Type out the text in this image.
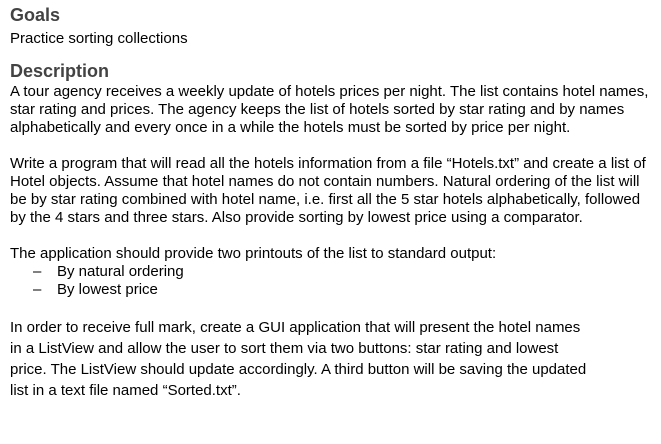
Goals

Practice sorting collections

Description

A tour agency receives a weekly update of hotels prices per night. The list contains hotel names, star rating and prices. The agency keeps the list of hotels sorted by star rating and by names alphabetically and every once in a while the hotels must be sorted by price per night.

Write a program that will read all the hotels information from a file “Hotels.txt” and create a list of Hotel objects. Assume that hotel names do not contain numbers. Natural ordering of the list will be by star rating combined with hotel name, i.e. first all the 5 star hotels alphabetically, followed by the 4 stars and three stars. Also provide sorting by lowest price using a comparator.

The application should provide two printouts of the list to standard output:

– By natural ordering
– By lowest price

In order to receive full mark, create a GUI application that will present the hotel names
in a ListView and allow the user to sort them via two buttons: star rating and lowest
price. The ListView should update accordingly. A third button will be saving the updated
list in a text file named “Sorted.txt”.
